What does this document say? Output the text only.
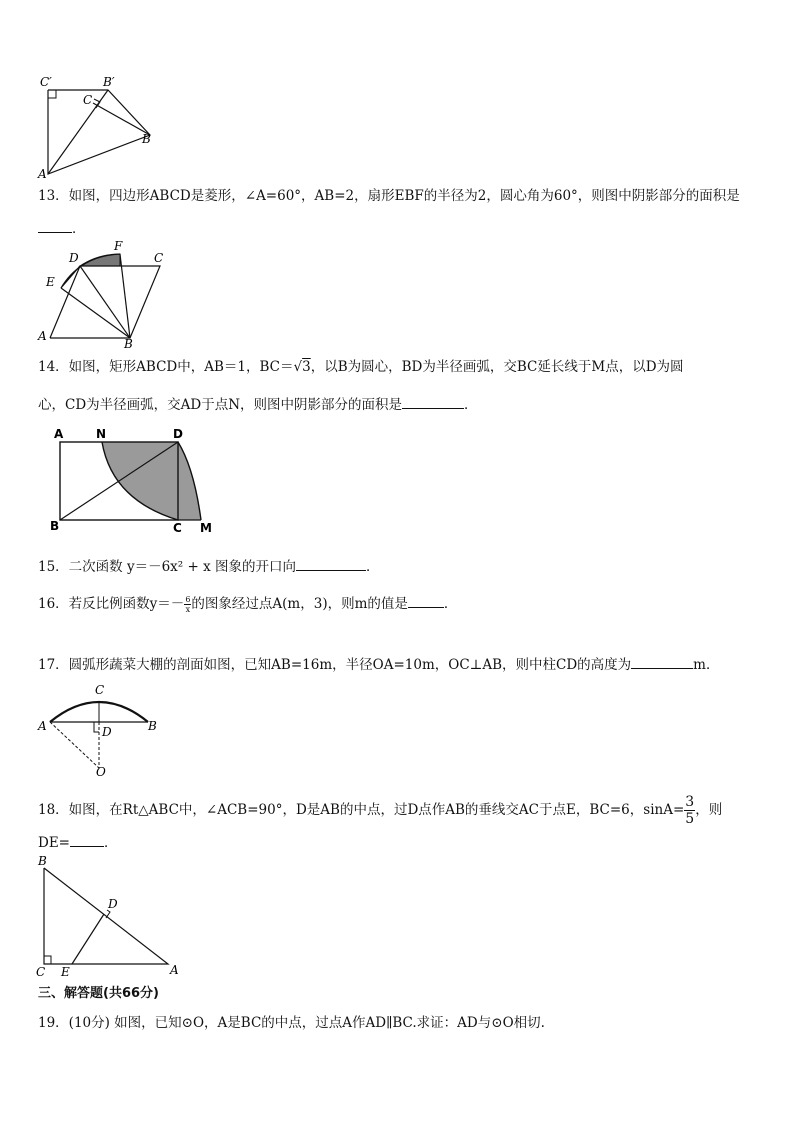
C′	B′
C
B
A
13．如图，四边形ABCD是菱形，∠A=60°，AB=2，扇形EBF的半径为2，圆心角为60°，则图中阴影部分的面积是
．
D
F
C
E
A
B
14．如图，矩形ABCD中，AB＝1，BC＝√3，以B为圆心，BD为半径画弧，交BC延长线于M点，以D为圆
心，CD为半径画弧，交AD于点N，则图中阴影部分的面积是	．
A	N	D
B	C M
15．二次函数 y＝－6x² + x 图象的开口向	．
16．若反比例函数$y=- \frac{6}{x}$ 的图象经过点A(m，3)，则m的值是	．
17．圆弧形蔬菜大棚的剖面如图，已知AB=16m，半径OA=10m，OC⊥AB，则中柱CD的高度为	m．
C
A	D	B
O
18．如图，在Rt△ABC中，∠ACB=90°，D是AB的中点，过D点作AB的垂线交AC于点E，BC=6，$\sin A= \frac{3}{5}$ ，则
DE=	．
B
D
C E	A
三、解答题(共66分)
19．(10分) 如图，已知⊙O，A是BC的中点，过点A作AD∥BC.求证：AD与⊙O相切.
